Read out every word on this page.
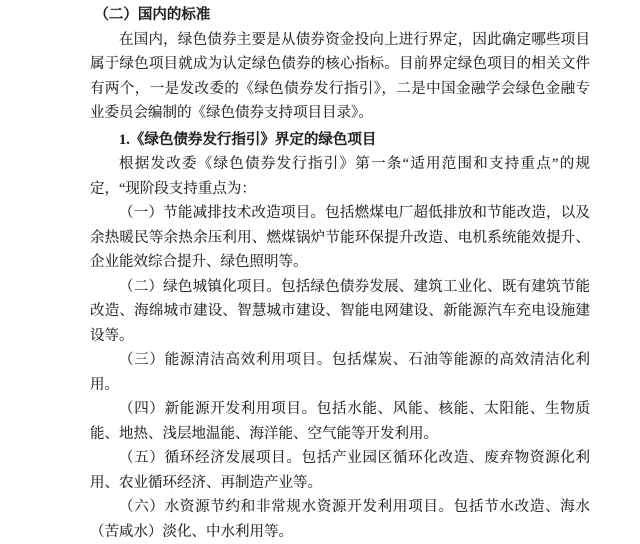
（二）国内的标准

在国内，绿色债券主要是从债券资金投向上进行界定，因此确定哪些项目属于绿色项目就成为认定绿色债券的核心指标。目前界定绿色项目的相关文件有两个，一是发改委的《绿色债券发行指引》，二是中国金融学会绿色金融专业委员会编制的《绿色债券支持项目目录》。

1.《绿色债券发行指引》界定的绿色项目

根据发改委《绿色债券发行指引》第一条“适用范围和支持重点”的规定，“现阶段支持重点为：

（一）节能减排技术改造项目。包括燃煤电厂超低排放和节能改造，以及余热暖民等余热余压利用、燃煤锅炉节能环保提升改造、电机系统能效提升、企业能效综合提升、绿色照明等。

（二）绿色城镇化项目。包括绿色债券发展、建筑工业化、既有建筑节能改造、海绵城市建设、智慧城市建设、智能电网建设、新能源汽车充电设施建设等。

（三）能源清洁高效利用项目。包括煤炭、石油等能源的高效清洁化利用。

（四）新能源开发利用项目。包括水能、风能、核能、太阳能、生物质能、地热、浅层地温能、海洋能、空气能等开发利用。

（五）循环经济发展项目。包括产业园区循环化改造、废弃物资源化利用、农业循环经济、再制造产业等。

（六）水资源节约和非常规水资源开发利用项目。包括节水改造、海水（苦咸水）淡化、中水利用等。
